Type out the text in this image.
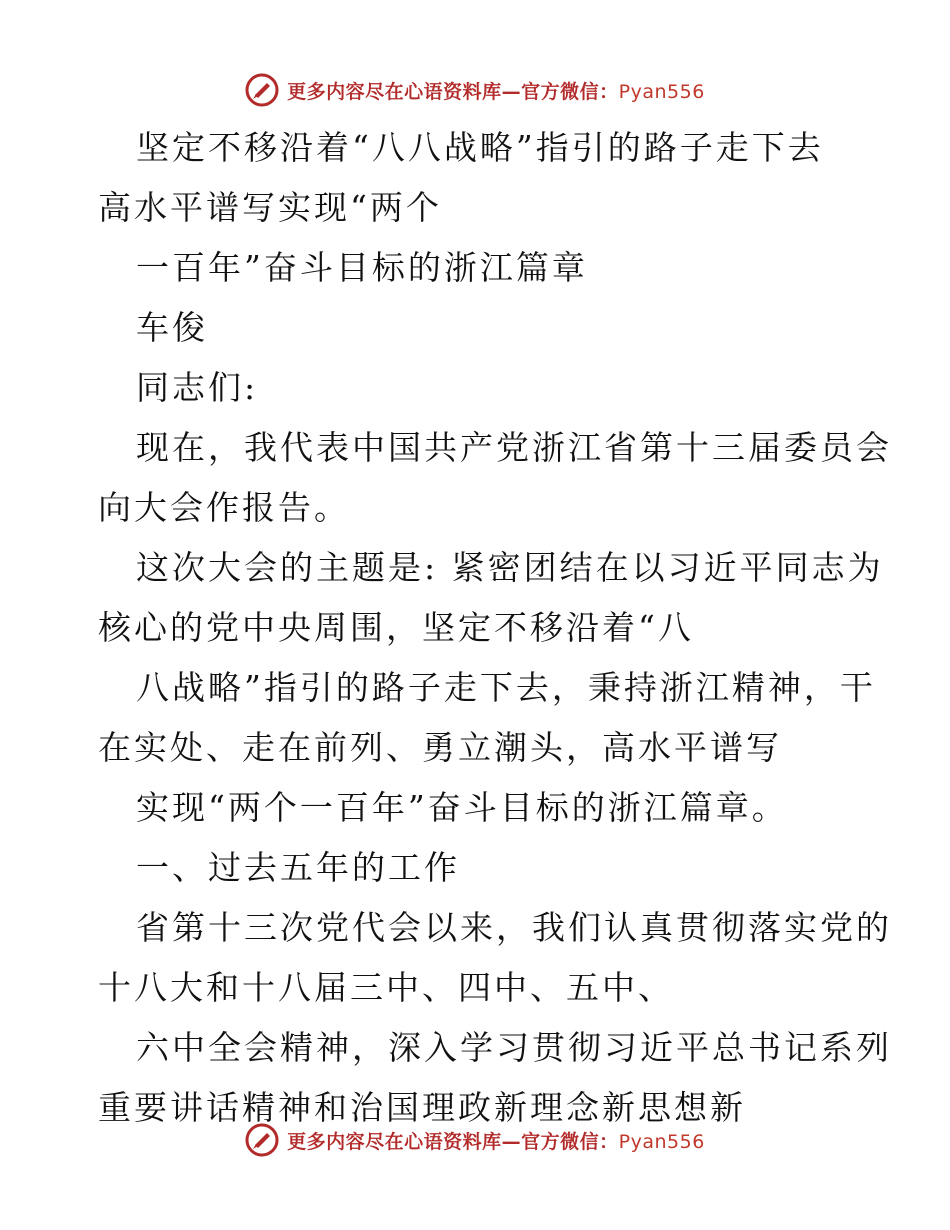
更多内容尽在心语资料库—官方微信：Pyan556
坚定不移沿着“八八战略”指引的路子走下去
高水平谱写实现“两个
一百年”奋斗目标的浙江篇章
车俊
同志们:
现在，我代表中国共产党浙江省第十三届委员会
向大会作报告。
这次大会的主题是: 紧密团结在以习近平同志为
核心的党中央周围，坚定不移沿着“八
八战略”指引的路子走下去，秉持浙江精神，干
在实处、走在前列、勇立潮头，高水平谱写
实现“两个一百年”奋斗目标的浙江篇章。
一、过去五年的工作
省第十三次党代会以来，我们认真贯彻落实党的
十八大和十八届三中、四中、五中、
六中全会精神，深入学习贯彻习近平总书记系列
重要讲话精神和治国理政新理念新思想新
更多内容尽在心语资料库—官方微信：Pyan556
